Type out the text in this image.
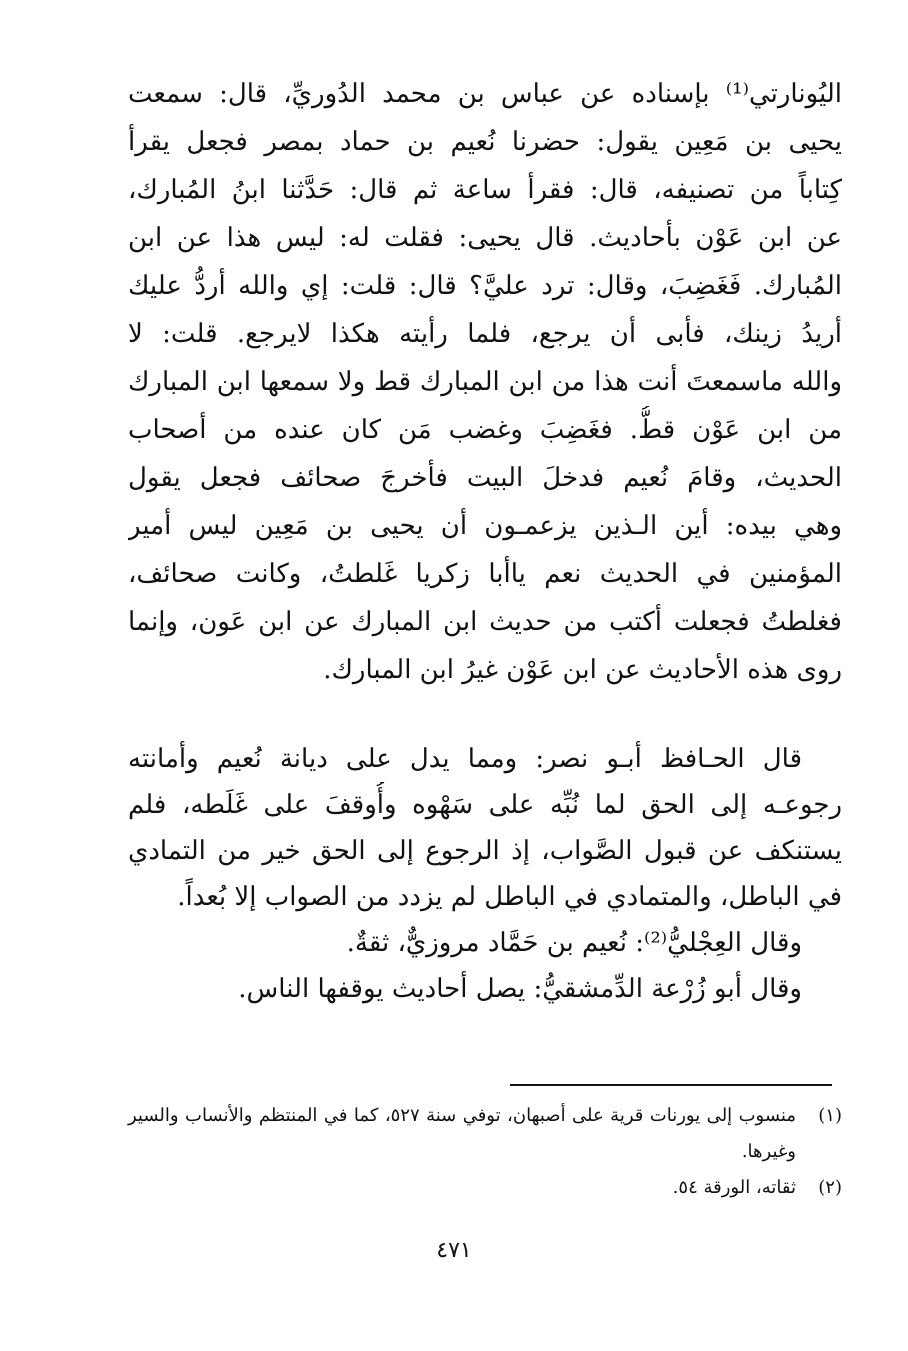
اليُونارتي⁽¹⁾ بإسناده عن عباس بن محمد الدُوريِّ، قال: سمعت
يحيى بن مَعِين يقول: حضرنا نُعيم بن حماد بمصر فجعل يقرأ
كِتاباً من تصنيفه، قال: فقرأ ساعة ثم قال: حَدَّثنا ابنُ المُبارك،
عن ابن عَوْن بأحاديث. قال يحيى: فقلت له: ليس هذا عن ابن
المُبارك. فَغَضِبَ، وقال: ترد عليَّ؟ قال: قلت: إي والله أردُّ عليك
أريدُ زينك، فأبى أن يرجع، فلما رأيته هكذا لايرجع. قلت: لا
والله ماسمعتَ أنت هذا من ابن المبارك قط ولا سمعها ابن المبارك
من ابن عَوْن قطُّ. فغَضِبَ وغضب مَن كان عنده من أصحاب
الحديث، وقامَ نُعيم فدخلَ البيت فأخرجَ صحائف فجعل يقول
وهي بيده: أين الـذين يزعمـون أن يحيى بن مَعِين ليس أمير
المؤمنين في الحديث نعم ياأبا زكريا غَلطتُ، وكانت صحائف،
فغلطتُ فجعلت أكتب من حديث ابن المبارك عن ابن عَون، وإنما
روى هذه الأحاديث عن ابن عَوْن غيرُ ابن المبارك.
قال الحـافظ أبـو نصر: ومما يدل على ديانة نُعيم وأمانته
رجوعـه إلى الحق لما نُبِّه على سَهْوه وأُوقفَ على غَلَطه، فلم
يستنكف عن قبول الصَّواب، إذ الرجوع إلى الحق خير من التمادي
في الباطل، والمتمادي في الباطل لم يزدد من الصواب إلا بُعداً.
وقال العِجْليُّ⁽²⁾: نُعيم بن حَمَّاد مروزيٌّ، ثقةٌ.
وقال أبو زُرْعة الدِّمشقيُّ: يصل أحاديث يوقفها الناس.
(١)
منسوب إلى يورنات قرية على أصبهان، توفي سنة ٥٢٧، كما في المنتظم والأنساب والسير وغيرها.
(٢)
ثقاته، الورقة ٥٤.
٤٧١
